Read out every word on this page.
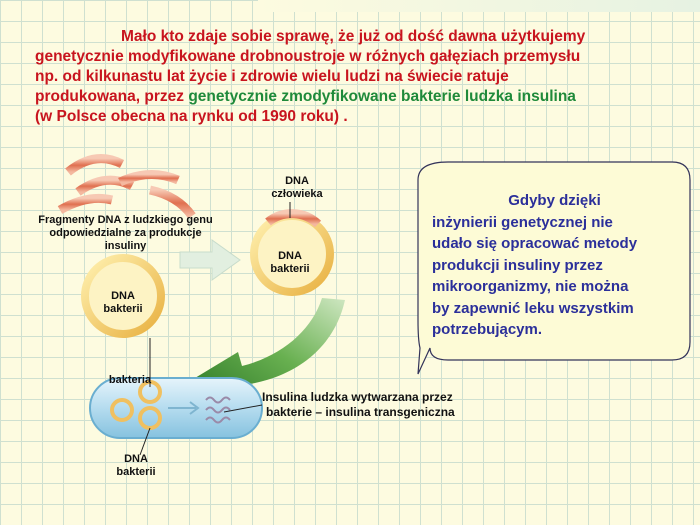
Mało kto zdaje sobie sprawę, że już od dość dawna użytkujemy
genetycznie modyfikowane drobnoustroje w różnych gałęziach przemysłu
np. od kilkunastu lat życie i zdrowie wielu ludzi na świecie ratuje
produkowana, przez genetycznie zmodyfikowane bakterie ludzka insulina
(w Polsce obecna na rynku od 1990 roku) .
Fragmenty DNA z ludzkiego genu
odpowiedzialne za produkcje
insuliny
DNA
bakterii
DNA
człowieka
DNA
bakterii
bakteria
Insulina ludzka wytwarzana przez
bakterie – insulina transgeniczna
DNA
bakterii
Gdyby dzięki
inżynierii genetycznej nie
udało się opracować metody
produkcji insuliny przez
mikroorganizmy, nie można
by zapewnić leku wszystkim
potrzebującym.
